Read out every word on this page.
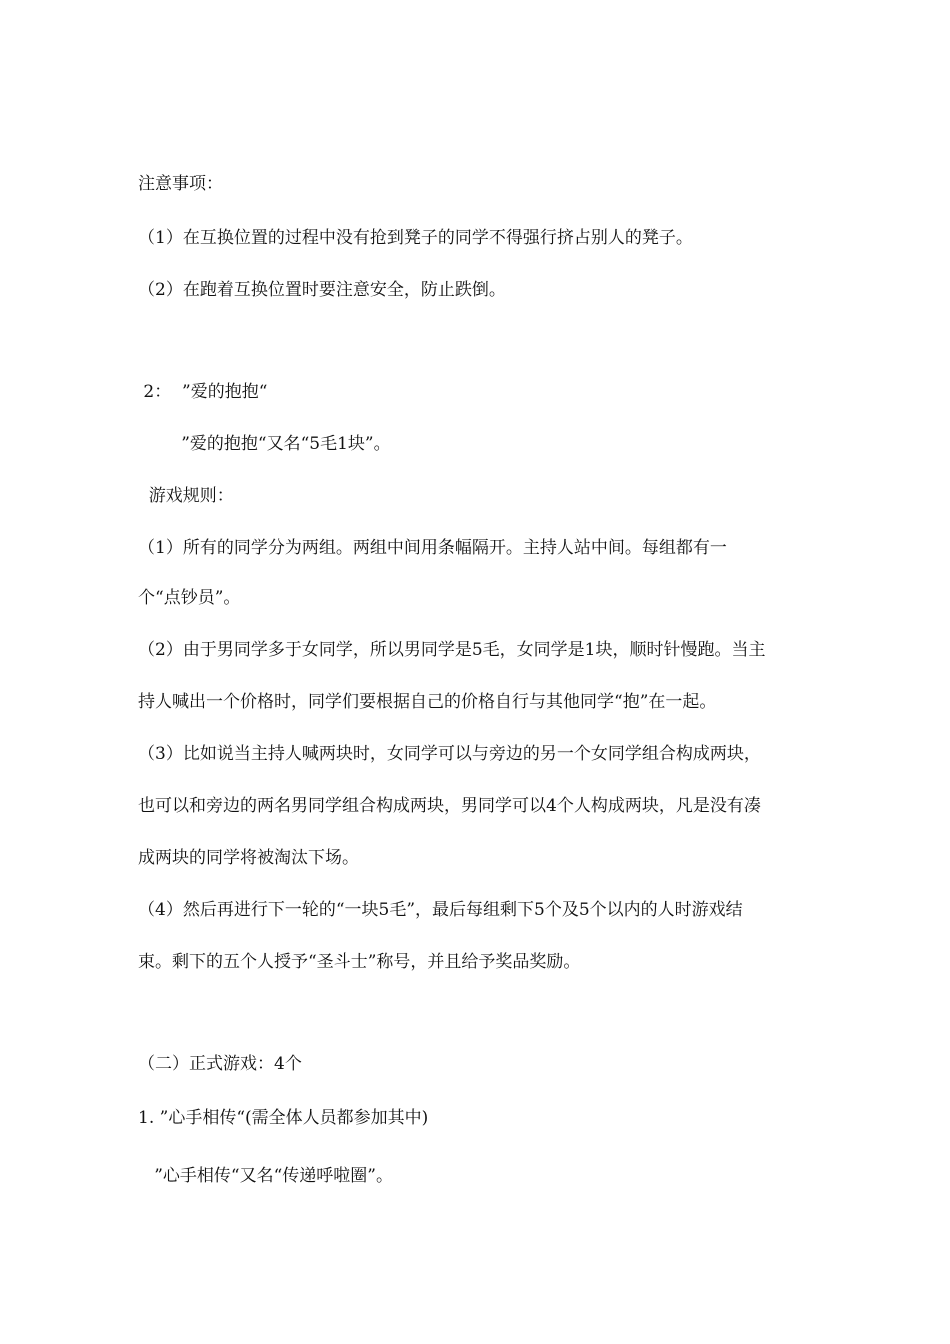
注意事项：
（1）在互换位置的过程中没有抢到凳子的同学不得强行挤占别人的凳子。
（2）在跑着互换位置时要注意安全，防止跌倒。
2：  ”爱的抱抱“
”爱的抱抱“又名“5毛1块”。
游戏规则：
（1）所有的同学分为两组。两组中间用条幅隔开。主持人站中间。每组都有一
个“点钞员”。
（2）由于男同学多于女同学，所以男同学是5毛，女同学是1块，顺时针慢跑。当主
持人喊出一个价格时，同学们要根据自己的价格自行与其他同学“抱”在一起。
（3）比如说当主持人喊两块时，女同学可以与旁边的另一个女同学组合构成两块，
也可以和旁边的两名男同学组合构成两块，男同学可以4个人构成两块，凡是没有凑
成两块的同学将被淘汰下场。
（4）然后再进行下一轮的“一块5毛”，最后每组剩下5个及5个以内的人时游戏结
束。剩下的五个人授予“圣斗士”称号，并且给予奖品奖励。
（二）正式游戏：4个
1. ”心手相传“(需全体人员都参加其中)
”心手相传“又名“传递呼啦圈”。
